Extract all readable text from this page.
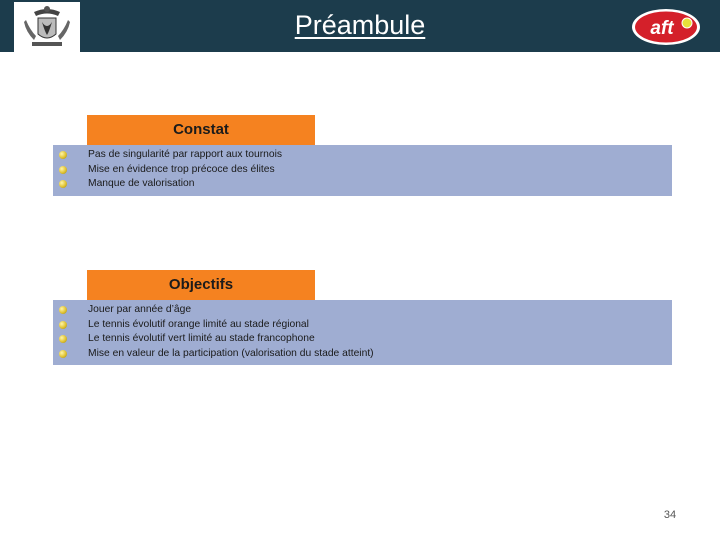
Préambule	aft
Constat
Pas de singularité par rapport aux tournois
Mise en évidence trop précoce des élites
Manque de valorisation
Objectifs
Jouer par année d’âge
Le tennis évolutif orange limité au stade régional
Le tennis évolutif vert limité au stade francophone
Mise en valeur de la participation (valorisation du stade atteint)
34
